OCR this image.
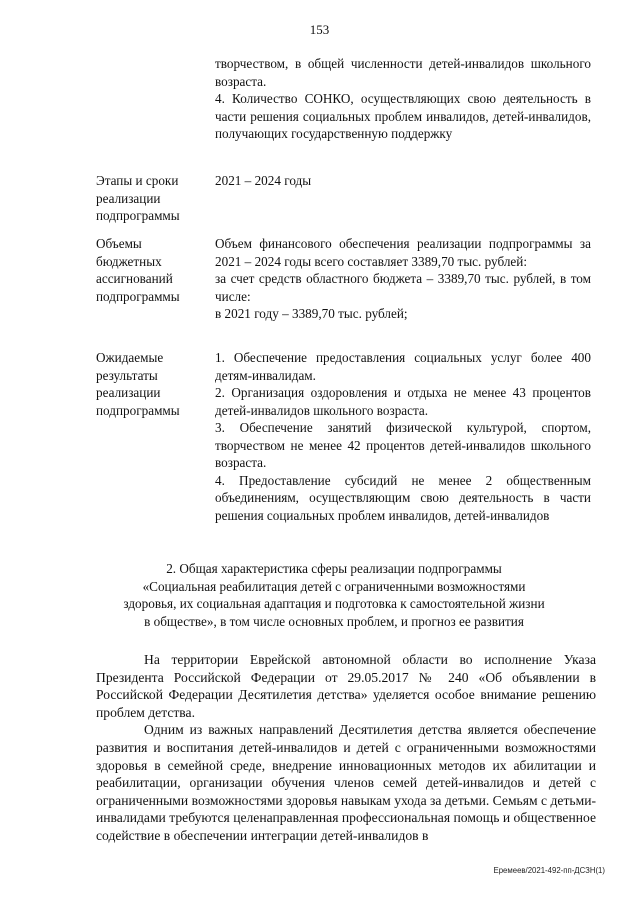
153

творчеством, в общей численности детей-инвалидов школьного возраста.

4. Количество СОНКО, осуществляющих свою деятельность в части решения социальных проблем инвалидов, детей-инвалидов, получающих государственную поддержку

Этапы и сроки реализации подпрограммы

2021 – 2024 годы

Объемы бюджетных ассигнований подпрограммы

Объем финансового обеспечения реализации подпрограммы за 2021 – 2024 годы всего составляет 3389,70 тыс. рублей:

за счет средств областного бюджета – 3389,70 тыс. рублей, в том числе:

в 2021 году – 3389,70 тыс. рублей;

Ожидаемые результаты реализации подпрограммы

1. Обеспечение предоставления социальных услуг более 400 детям-инвалидам.

2. Организация оздоровления и отдыха не менее 43 процентов детей-инвалидов школьного возраста.

3. Обеспечение занятий физической культурой, спортом, творчеством не менее 42 процентов детей-инвалидов школьного возраста.

4. Предоставление субсидий не менее 2 общественным объединениям, осуществляющим свою деятельность в части решения социальных проблем инвалидов, детей-инвалидов

2. Общая характеристика сферы реализации подпрограммы

«Социальная реабилитация детей с ограниченными возможностями

здоровья, их социальная адаптация и подготовка к самостоятельной жизни

в обществе», в том числе основных проблем, и прогноз ее развития

На территории Еврейской автономной области во исполнение Указа Президента Российской Федерации от 29.05.2017 № 240 «Об объявлении в Российской Федерации Десятилетия детства» уделяется особое внимание решению проблем детства.

Одним из важных направлений Десятилетия детства является обеспечение развития и воспитания детей-инвалидов и детей с ограниченными возможностями здоровья в семейной среде, внедрение инновационных методов их абилитации и реабилитации, организации обучения членов семей детей-инвалидов и детей с ограниченными возможностями здоровья навыкам ухода за детьми. Семьям с детьми-инвалидами требуются целенаправленная профессиональная помощь и общественное содействие в обеспечении интеграции детей-инвалидов в

Еремеев/2021-492-пп-ДСЗН(1)
